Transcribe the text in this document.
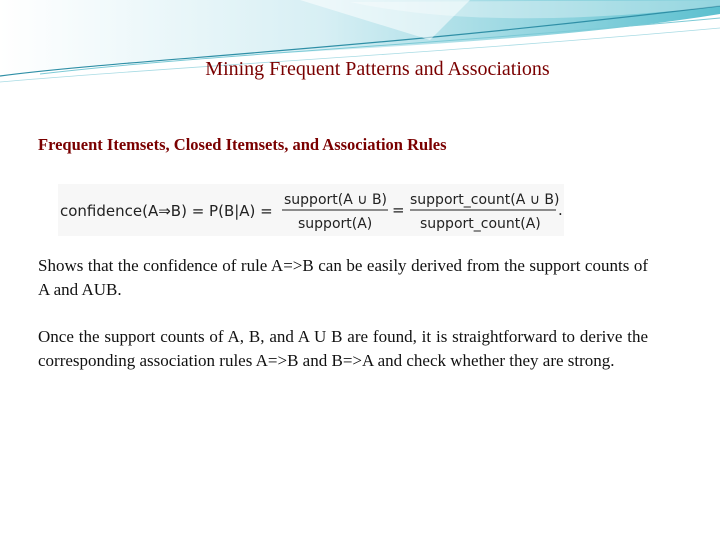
Mining Frequent Patterns and Associations
Frequent Itemsets, Closed Itemsets, and Association Rules
confidence(A⇒B) = P(B|A) =
support(A ∪ B)
support(A)
=
support_count(A ∪ B)
support_count(A)
.
Shows that the confidence of rule A=>B can be easily derived from the support counts of A and AUB.
Once the support counts of A, B, and A U B are found, it is straightforward to derive the corresponding association rules A=>B and B=>A and check whether they are strong.
